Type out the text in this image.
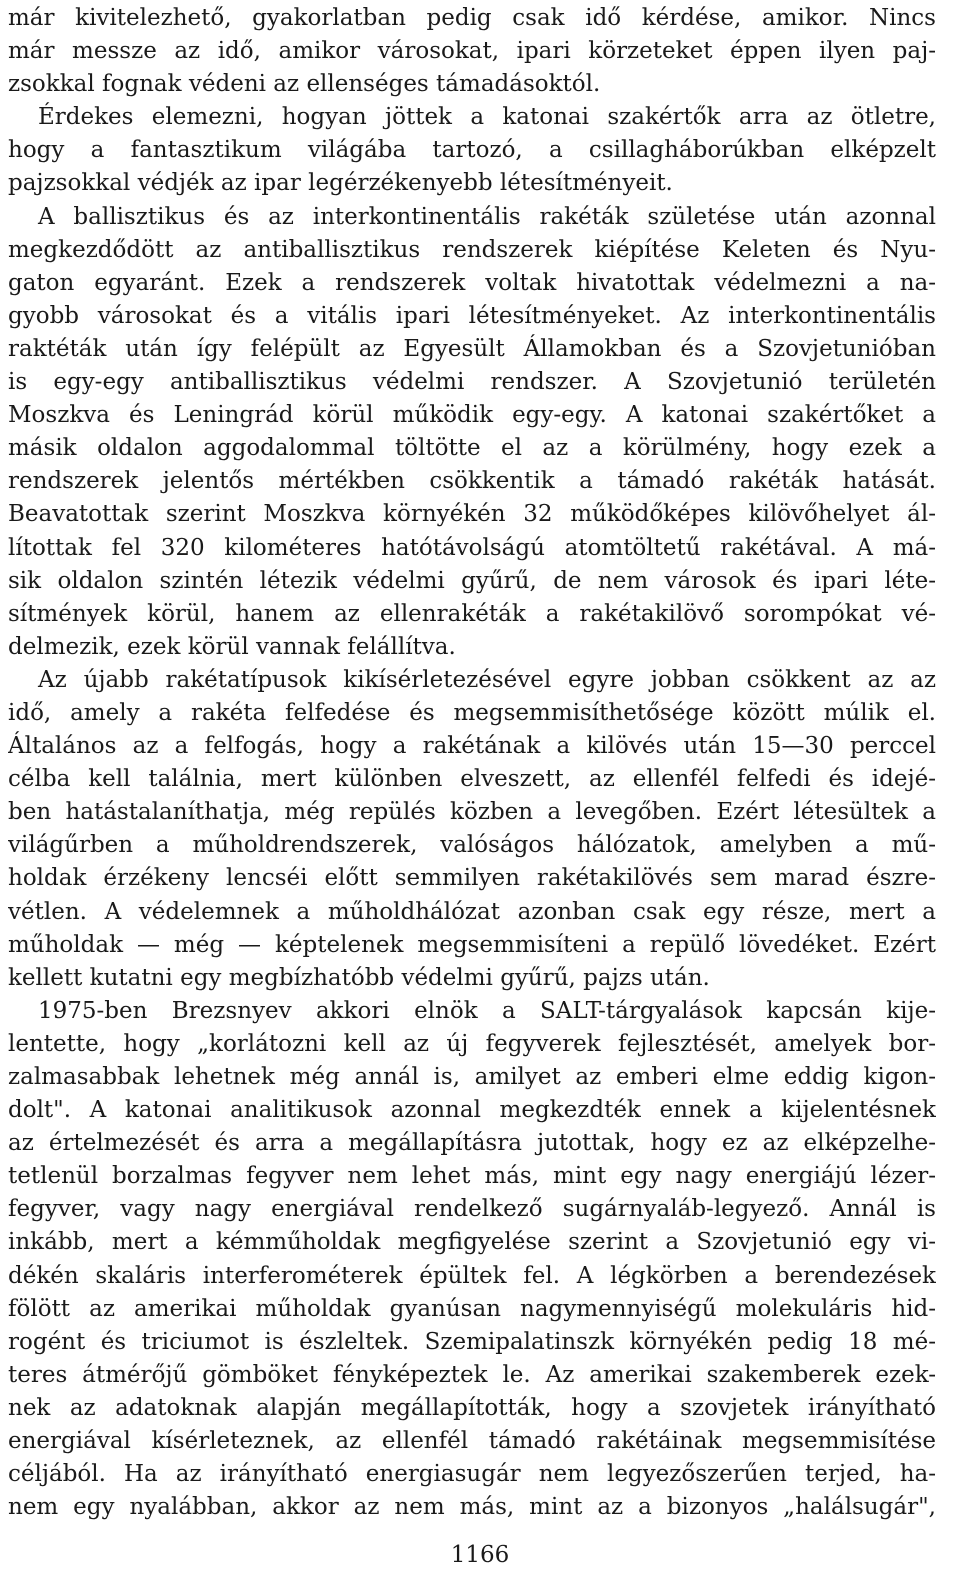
már kivitelezhető, gyakorlatban pedig csak idő kérdése, amikor. Nincs
már messze az idő, amikor városokat, ipari körzeteket éppen ilyen paj-
zsokkal fognak védeni az ellenséges támadásoktól.
Érdekes elemezni, hogyan jöttek a katonai szakértők arra az ötletre,
hogy a fantasztikum világába tartozó, a csillagháborúkban elképzelt
pajzsokkal védjék az ipar legérzékenyebb létesítményeit.
A ballisztikus és az interkontinentális rakéták születése után azonnal
megkezdődött az antiballisztikus rendszerek kiépítése Keleten és Nyu-
gaton egyaránt. Ezek a rendszerek voltak hivatottak védelmezni a na-
gyobb városokat és a vitális ipari létesítményeket. Az interkontinentális
raktéták után így felépült az Egyesült Államokban és a Szovjetunióban
is egy-egy antiballisztikus védelmi rendszer. A Szovjetunió területén
Moszkva és Leningrád körül működik egy-egy. A katonai szakértőket a
másik oldalon aggodalommal töltötte el az a körülmény, hogy ezek a
rendszerek jelentős mértékben csökkentik a támadó rakéták hatását.
Beavatottak szerint Moszkva környékén 32 működőképes kilövőhelyet ál-
lítottak fel 320 kilométeres hatótávolságú atomtöltetű rakétával. A má-
sik oldalon szintén létezik védelmi gyűrű, de nem városok és ipari léte-
sítmények körül, hanem az ellenrakéták a rakétakilövő sorompókat vé-
delmezik, ezek körül vannak felállítva.
Az újabb rakétatípusok kikísérletezésével egyre jobban csökkent az az
idő, amely a rakéta felfedése és megsemmisíthetősége között múlik el.
Általános az a felfogás, hogy a rakétának a kilövés után 15—30 perccel
célba kell találnia, mert különben elveszett, az ellenfél felfedi és idejé-
ben hatástalaníthatja, még repülés közben a levegőben. Ezért létesültek a
világűrben a műholdrendszerek, valóságos hálózatok, amelyben a mű-
holdak érzékeny lencséi előtt semmilyen rakétakilövés sem marad észre-
vétlen. A védelemnek a műholdhálózat azonban csak egy része, mert a
műholdak — még — képtelenek megsemmisíteni a repülő lövedéket. Ezért
kellett kutatni egy megbízhatóbb védelmi gyűrű, pajzs után.
1975-ben Brezsnyev akkori elnök a SALT-tárgyalások kapcsán kije-
lentette, hogy „korlátozni kell az új fegyverek fejlesztését, amelyek bor-
zalmasabbak lehetnek még annál is, amilyet az emberi elme eddig kigon-
dolt". A katonai analitikusok azonnal megkezdték ennek a kijelentésnek
az értelmezését és arra a megállapításra jutottak, hogy ez az elképzelhe-
tetlenül borzalmas fegyver nem lehet más, mint egy nagy energiájú lézer-
fegyver, vagy nagy energiával rendelkező sugárnyaláb-legyező. Annál is
inkább, mert a kémműholdak megfigyelése szerint a Szovjetunió egy vi-
dékén skaláris interferométerek épültek fel. A légkörben a berendezések
fölött az amerikai műholdak gyanúsan nagymennyiségű molekuláris hid-
rogént és triciumot is észleltek. Szemipalatinszk környékén pedig 18 mé-
teres átmérőjű gömböket fényképeztek le. Az amerikai szakemberek ezek-
nek az adatoknak alapján megállapították, hogy a szovjetek irányítható
energiával kísérleteznek, az ellenfél támadó rakétáinak megsemmisítése
céljából. Ha az irányítható energiasugár nem legyezőszerűen terjed, ha-
nem egy nyalábban, akkor az nem más, mint az a bizonyos „halálsugár",
1166
